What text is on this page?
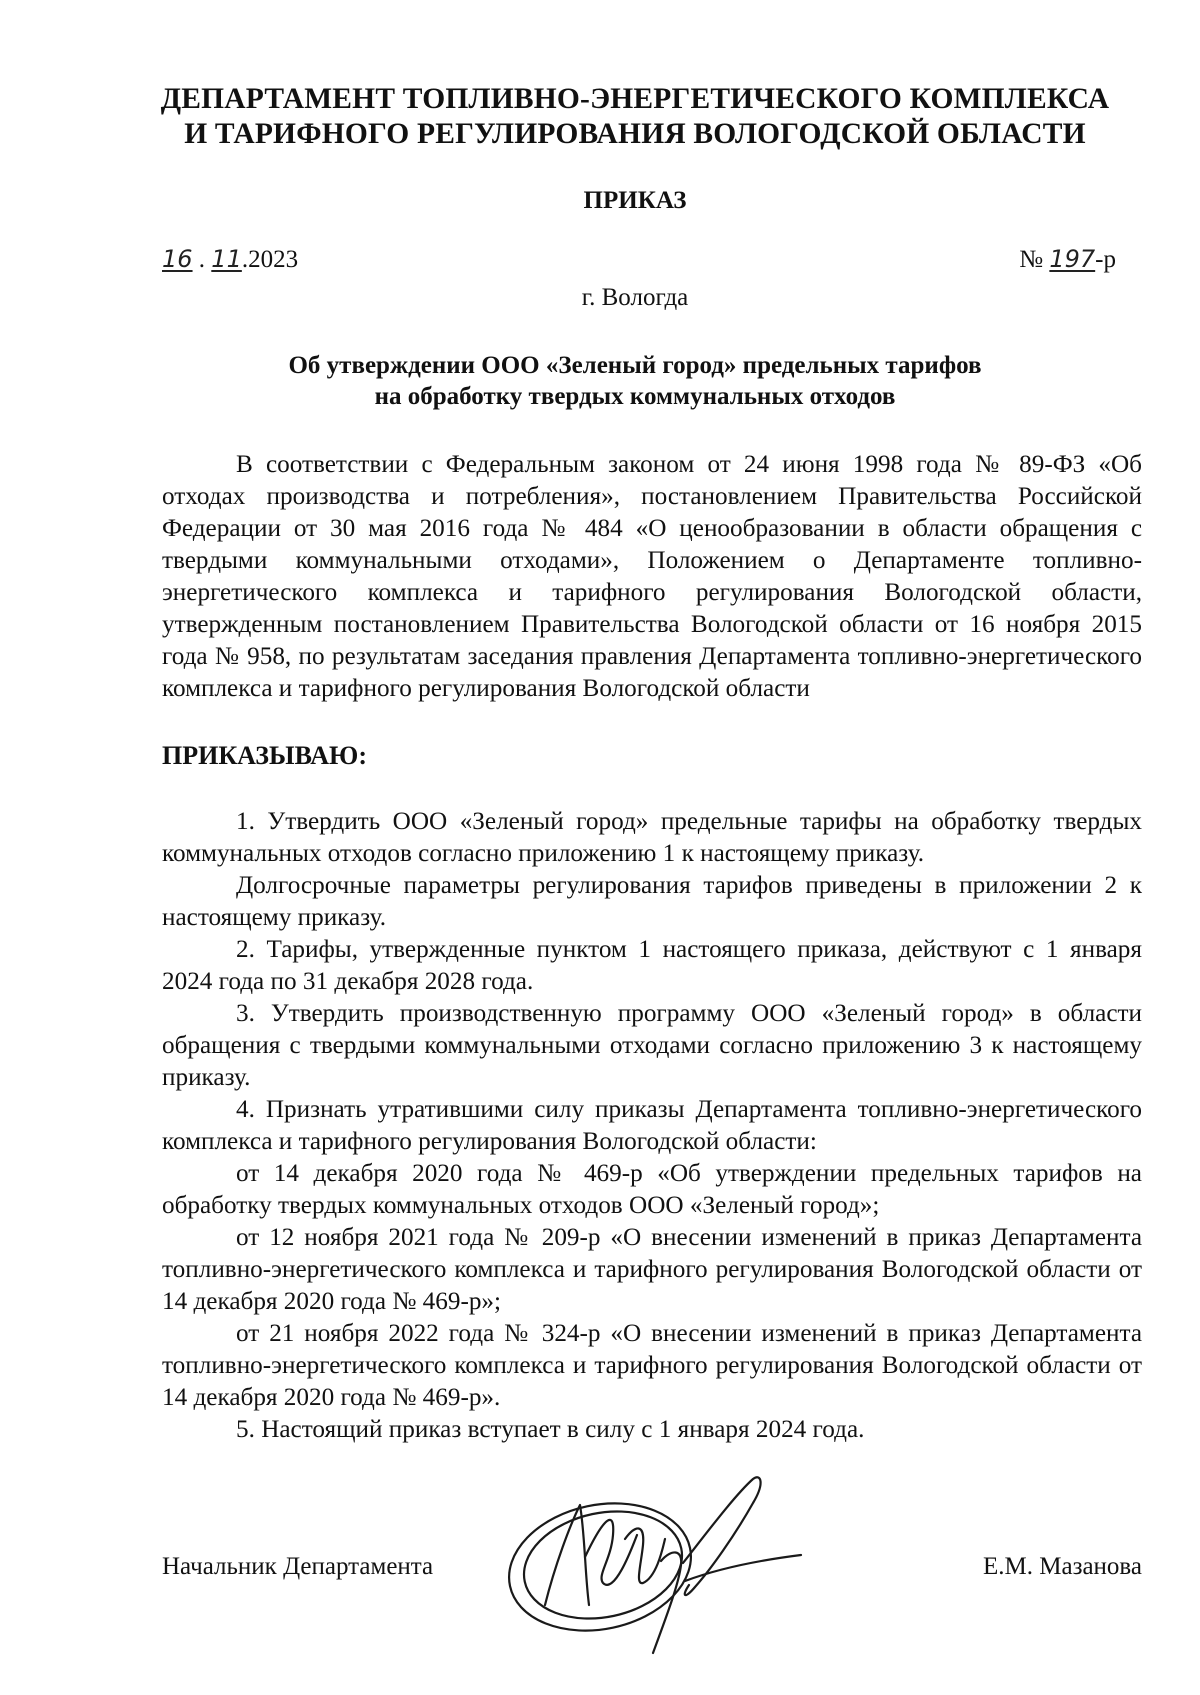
ДЕПАРТАМЕНТ ТОПЛИВНО-ЭНЕРГЕТИЧЕСКОГО КОМПЛЕКСА
И ТАРИФНОГО РЕГУЛИРОВАНИЯ ВОЛОГОДСКОЙ ОБЛАСТИ
ПРИКАЗ
16 . 11.2023	№ 197-р
г. Вологда
Об утверждении ООО «Зеленый город» предельных тарифов
на обработку твердых коммунальных отходов

В соответствии с Федеральным законом от 24 июня 1998 года № 89-ФЗ «Об отходах производства и потребления», постановлением Правительства Российской Федерации от 30 мая 2016 года № 484 «О ценообразовании в области обращения с твердыми коммунальными отходами», Положением о Департаменте топливно-энергетического комплекса и тарифного регулирования Вологодской области, утвержденным постановлением Правительства Вологодской области от 16 ноября 2015 года № 958, по результатам заседания правления Департамента топливно-энергетического комплекса и тарифного регулирования Вологодской области

ПРИКАЗЫВАЮ:

1. Утвердить ООО «Зеленый город» предельные тарифы на обработку твердых коммунальных отходов согласно приложению 1 к настоящему приказу.

Долгосрочные параметры регулирования тарифов приведены в приложении 2 к настоящему приказу.

2. Тарифы, утвержденные пунктом 1 настоящего приказа, действуют с 1 января 2024 года по 31 декабря 2028 года.

3. Утвердить производственную программу ООО «Зеленый город» в области обращения с твердыми коммунальными отходами согласно приложению 3 к настоящему приказу.

4. Признать утратившими силу приказы Департамента топливно-энергетического комплекса и тарифного регулирования Вологодской области:

от 14 декабря 2020 года № 469-р «Об утверждении предельных тарифов на обработку твердых коммунальных отходов ООО «Зеленый город»;

от 12 ноября 2021 года № 209-р «О внесении изменений в приказ Департамента топливно-энергетического комплекса и тарифного регулирования Вологодской области от 14 декабря 2020 года № 469-р»;

от 21 ноября 2022 года № 324-р «О внесении изменений в приказ Департамента топливно-энергетического комплекса и тарифного регулирования Вологодской области от 14 декабря 2020 года № 469-р».

5. Настоящий приказ вступает в силу с 1 января 2024 года.

Начальник Департамента	Е.М. Мазанова
